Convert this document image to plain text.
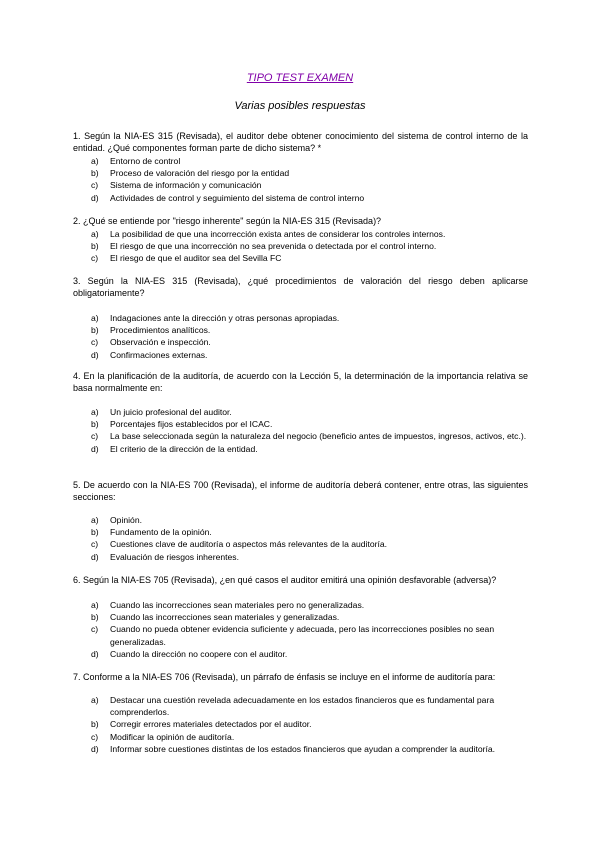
TIPO TEST EXAMEN
Varias posibles respuestas

1. Según la NIA-ES 315 (Revisada), el auditor debe obtener conocimiento del sistema de control interno de la entidad. ¿Qué componentes forman parte de dicho sistema? *

a) Entorno de control
b) Proceso de valoración del riesgo por la entidad
c) Sistema de información y comunicación
d) Actividades de control y seguimiento del sistema de control interno

2. ¿Qué se entiende por "riesgo inherente" según la NIA-ES 315 (Revisada)?

a) La posibilidad de que una incorrección exista antes de considerar los controles internos.
b) El riesgo de que una incorrección no sea prevenida o detectada por el control interno.
c) El riesgo de que el auditor sea del Sevilla FC

3. Según la NIA-ES 315 (Revisada), ¿qué procedimientos de valoración del riesgo deben aplicarse obligatoriamente?

a) Indagaciones ante la dirección y otras personas apropiadas.
b) Procedimientos analíticos.
c) Observación e inspección.
d) Confirmaciones externas.

4. En la planificación de la auditoría, de acuerdo con la Lección 5, la determinación de la importancia relativa se basa normalmente en:

a) Un juicio profesional del auditor.
b) Porcentajes fijos establecidos por el ICAC.
c) La base seleccionada según la naturaleza del negocio (beneficio antes de impuestos, ingresos, activos, etc.).
d) El criterio de la dirección de la entidad.

5. De acuerdo con la NIA-ES 700 (Revisada), el informe de auditoría deberá contener, entre otras, las siguientes secciones:

a) Opinión.
b) Fundamento de la opinión.
c) Cuestiones clave de auditoría o aspectos más relevantes de la auditoría.
d) Evaluación de riesgos inherentes.

6. Según la NIA-ES 705 (Revisada), ¿en qué casos el auditor emitirá una opinión desfavorable (adversa)?

a) Cuando las incorrecciones sean materiales pero no generalizadas.
b) Cuando las incorrecciones sean materiales y generalizadas.
c) Cuando no pueda obtener evidencia suficiente y adecuada, pero las incorrecciones posibles no sean generalizadas.
d) Cuando la dirección no coopere con el auditor.

7. Conforme a la NIA-ES 706 (Revisada), un párrafo de énfasis se incluye en el informe de auditoría para:

a) Destacar una cuestión revelada adecuadamente en los estados financieros que es fundamental para comprenderlos.
b) Corregir errores materiales detectados por el auditor.
c) Modificar la opinión de auditoría.
d) Informar sobre cuestiones distintas de los estados financieros que ayudan a comprender la auditoría.
